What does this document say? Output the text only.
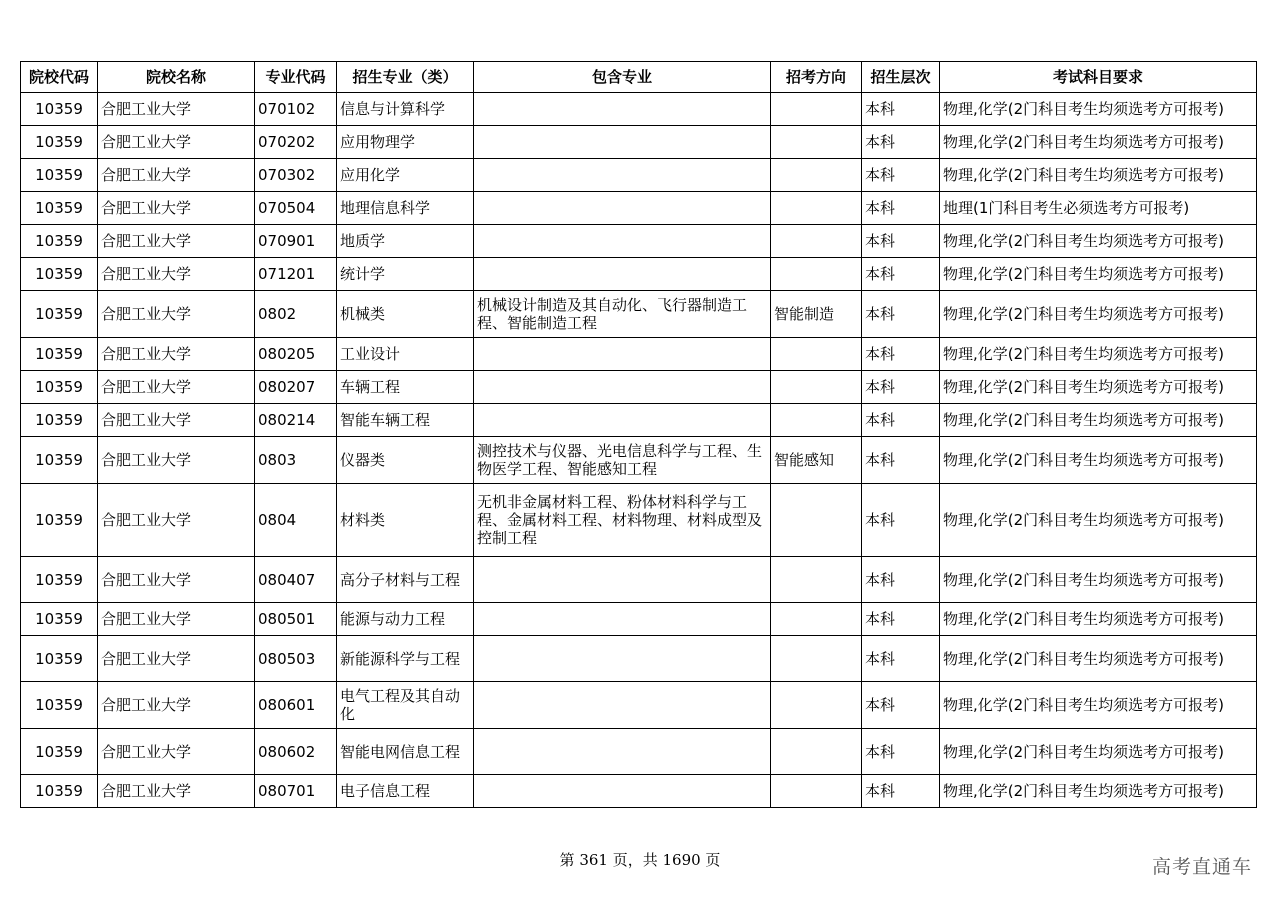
院校代码	院校名称	专业代码	招生专业（类）	包含专业	招考方向	招生层次	考试科目要求
10359	合肥工业大学	070102	信息与计算科学			本科	物理,化学(2门科目考生均须选考方可报考)
10359	合肥工业大学	070202	应用物理学			本科	物理,化学(2门科目考生均须选考方可报考)
10359	合肥工业大学	070302	应用化学			本科	物理,化学(2门科目考生均须选考方可报考)
10359	合肥工业大学	070504	地理信息科学			本科	地理(1门科目考生必须选考方可报考)
10359	合肥工业大学	070901	地质学			本科	物理,化学(2门科目考生均须选考方可报考)
10359	合肥工业大学	071201	统计学			本科	物理,化学(2门科目考生均须选考方可报考)
10359	合肥工业大学	0802	机械类	机械设计制造及其自动化、飞行器制造工程、智能制造工程	智能制造	本科	物理,化学(2门科目考生均须选考方可报考)
10359	合肥工业大学	080205	工业设计			本科	物理,化学(2门科目考生均须选考方可报考)
10359	合肥工业大学	080207	车辆工程			本科	物理,化学(2门科目考生均须选考方可报考)
10359	合肥工业大学	080214	智能车辆工程			本科	物理,化学(2门科目考生均须选考方可报考)
10359	合肥工业大学	0803	仪器类	测控技术与仪器、光电信息科学与工程、生物医学工程、智能感知工程	智能感知	本科	物理,化学(2门科目考生均须选考方可报考)
10359	合肥工业大学	0804	材料类	无机非金属材料工程、粉体材料科学与工程、金属材料工程、材料物理、材料成型及控制工程		本科	物理,化学(2门科目考生均须选考方可报考)
10359	合肥工业大学	080407	高分子材料与工程			本科	物理,化学(2门科目考生均须选考方可报考)
10359	合肥工业大学	080501	能源与动力工程			本科	物理,化学(2门科目考生均须选考方可报考)
10359	合肥工业大学	080503	新能源科学与工程			本科	物理,化学(2门科目考生均须选考方可报考)
10359	合肥工业大学	080601	电气工程及其自动化			本科	物理,化学(2门科目考生均须选考方可报考)
10359	合肥工业大学	080602	智能电网信息工程			本科	物理,化学(2门科目考生均须选考方可报考)
10359	合肥工业大学	080701	电子信息工程			本科	物理,化学(2门科目考生均须选考方可报考)
第 361 页，共 1690 页	高考直通车
